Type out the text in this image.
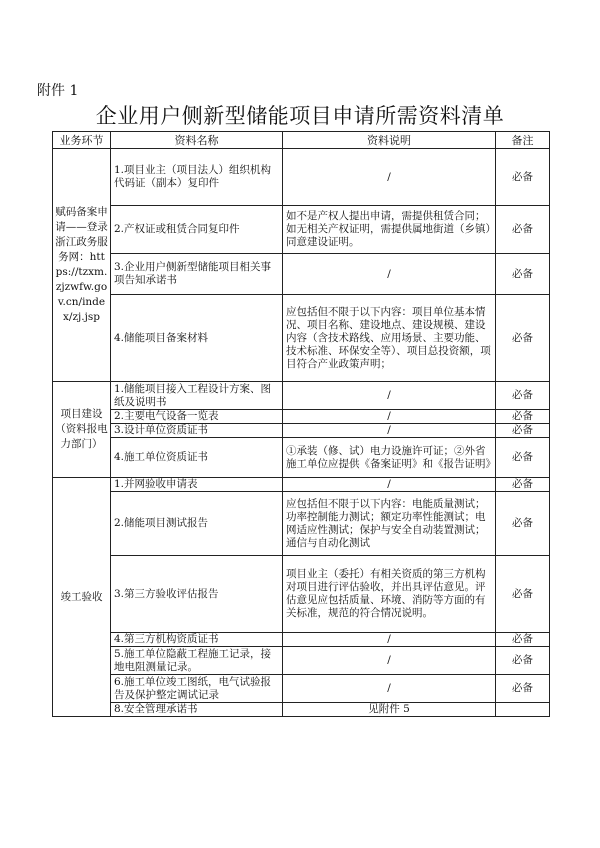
附件 1
企业用户侧新型储能项目申请所需资料清单
业务环节	资料名称	资料说明	备注
赋码备案申请——登录浙江政务服务网：https://tzxm.zjzwfw.gov.cn/index/zj.jsp	1.项目业主（项目法人）组织机构代码证（副本）复印件	/	必备
	2.产权证或租赁合同复印件	如不是产权人提出申请，需提供租赁合同；如无相关产权证明，需提供属地街道（乡镇）同意建设证明。	必备
	3.企业用户侧新型储能项目相关事项告知承诺书	/	必备
	4.储能项目备案材料	应包括但不限于以下内容：项目单位基本情况、项目名称、建设地点、建设规模、建设内容（含技术路线、应用场景、主要功能、技术标准、环保安全等）、项目总投资额，项目符合产业政策声明；	必备
项目建设（资料报电力部门）	1.储能项目接入工程设计方案、图纸及说明书	/	必备
	2.主要电气设备一览表	/	必备
	3.设计单位资质证书	/	必备
	4.施工单位资质证书	①承装（修、试）电力设施许可证；②外省施工单位应提供《备案证明》和《报告证明》	必备
竣工验收	1.并网验收申请表	/	必备
	2.储能项目测试报告	应包括但不限于以下内容：电能质量测试；功率控制能力测试；额定功率性能测试；电网适应性测试；保护与安全自动装置测试；通信与自动化测试	必备
	3.第三方验收评估报告	项目业主（委托）有相关资质的第三方机构对项目进行评估验收，并出具评估意见。评估意见应包括质量、环境、消防等方面的有关标准，规范的符合情况说明。	必备
	4.第三方机构资质证书	/	必备
	5.施工单位隐蔽工程施工记录，接地电阻测量记录。	/	必备
	6.施工单位竣工图纸，电气试验报告及保护整定调试记录	/	必备
	8.安全管理承诺书	见附件 5	
